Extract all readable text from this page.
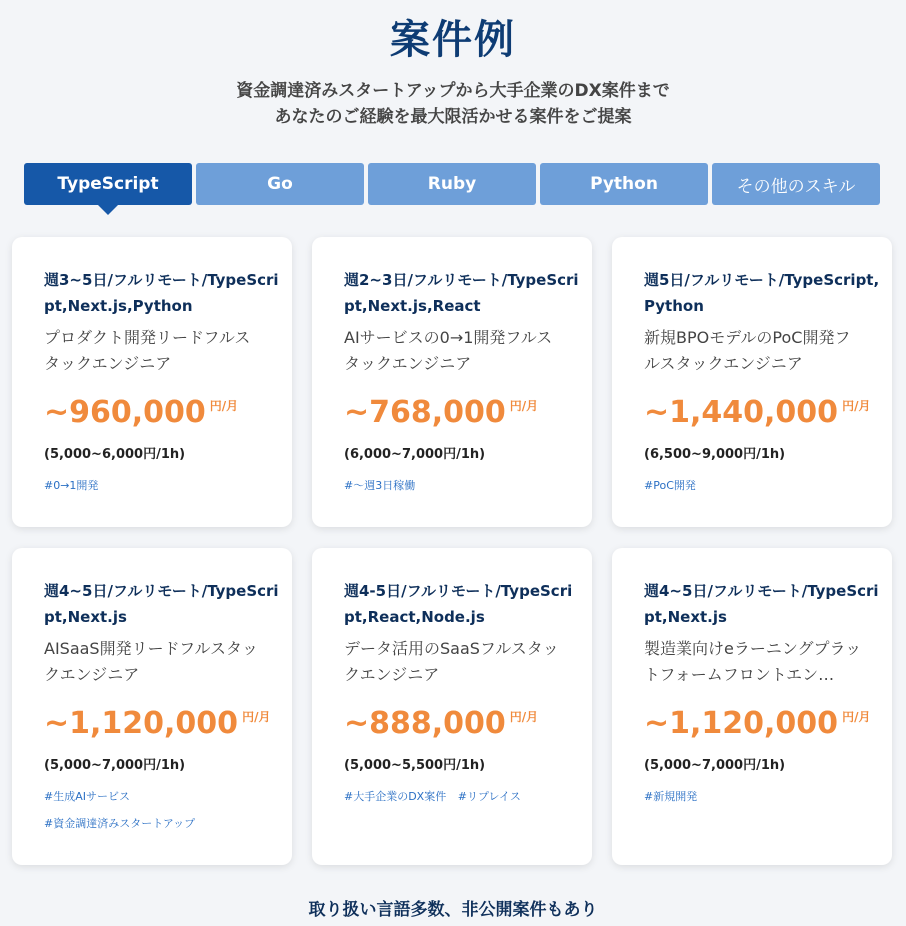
案件例
資金調達済みスタートアップから大手企業のDX案件まで
あなたのご経験を最大限活かせる案件をご提案
TypeScript	Go	Ruby	Python	その他のスキル
週3~5日/フルリモート/TypeScript,Next.js,Python
プロダクト開発リードフルスタックエンジニア
~960,000 円/月
(5,000~6,000円/1h)
#0→1開発
週2~3日/フルリモート/TypeScript,Next.js,React
AIサービスの0→1開発フルスタックエンジニア
~768,000 円/月
(6,000~7,000円/1h)
#〜週3日稼働
週5日/フルリモート/TypeScript,Python
新規BPOモデルのPoC開発フルスタックエンジニア
~1,440,000 円/月
(6,500~9,000円/1h)
#PoC開発
週4~5日/フルリモート/TypeScript,Next.js
AISaaS開発リードフルスタックエンジニア
~1,120,000 円/月
(5,000~7,000円/1h)
#生成AIサービス
#資金調達済みスタートアップ
週4-5日/フルリモート/TypeScript,React,Node.js
データ活用のSaaSフルスタックエンジニア
~888,000 円/月
(5,000~5,500円/1h)
#大手企業のDX案件 #リプレイス
週4~5日/フルリモート/TypeScript,Next.js
製造業向けeラーニングプラットフォームフロントエン…
~1,120,000 円/月
(5,000~7,000円/1h)
#新規開発
取り扱い言語多数、非公開案件もあり
